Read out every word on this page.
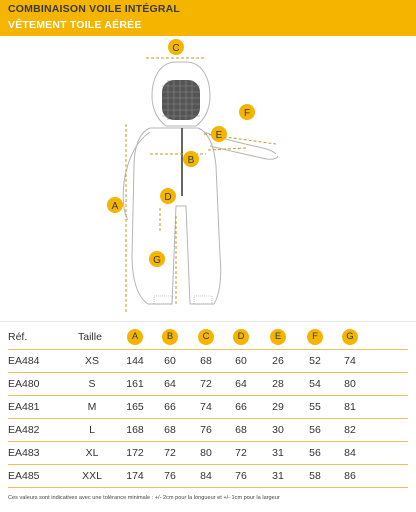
COMBINAISON VOILE INTÉGRAL
VÊTEMENT TOILE AÉRÉE
C
A
B
D
F
E
G
Réf.	Taille	A	B	C	D	E	F	G
EA484	XS	144	60	68	60	26	52	74
EA480	S	161	64	72	64	28	54	80
EA481	M	165	66	74	66	29	55	81
EA482	L	168	68	76	68	30	56	82
EA483	XL	172	72	80	72	31	56	84
EA485	XXL	174	76	84	76	31	58	86
Ces valeurs sont indicatives avec une tolérance minimale : +/- 2cm pour la longueur et +/- 1cm pour la largeur
